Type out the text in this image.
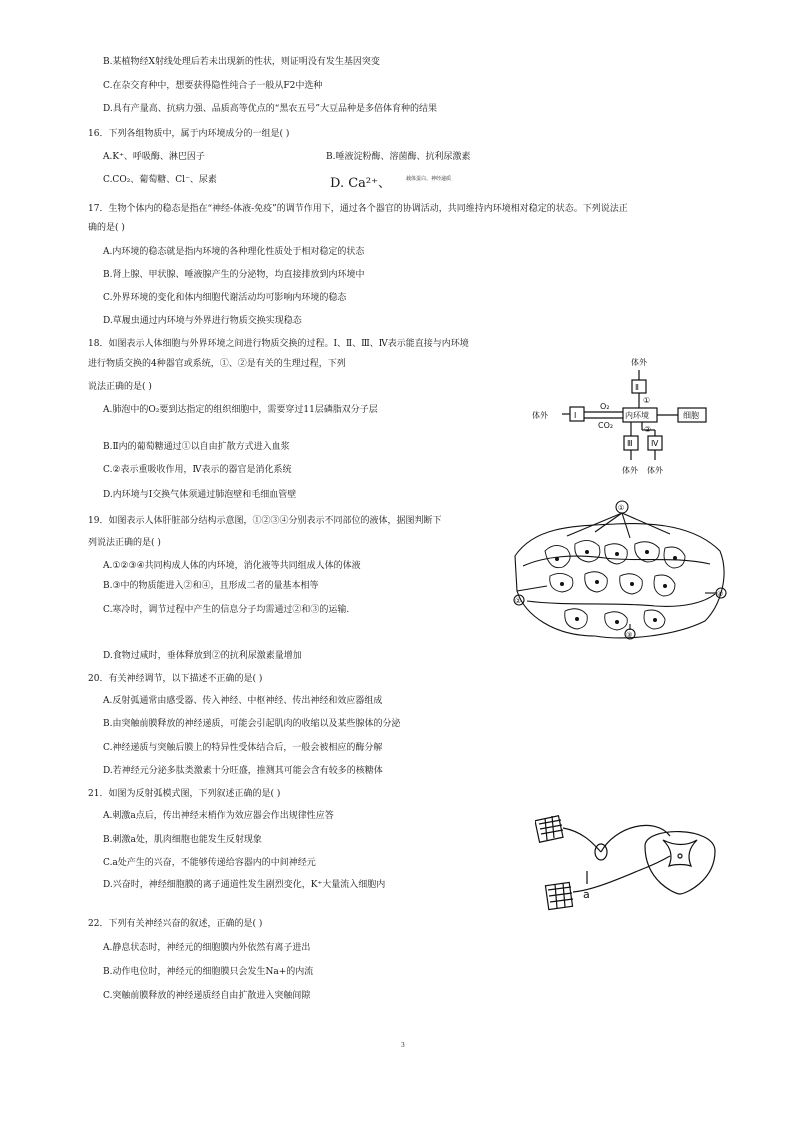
B.某植物经X射线处理后若未出现新的性状，则证明没有发生基因突变
C.在杂交育种中，想要获得隐性纯合子一般从F2中选种
D.具有产量高、抗病力强、品质高等优点的“黑农五号”大豆品种是多倍体育种的结果
16．下列各组物质中，属于内环境成分的一组是( )
A.K⁺、呼吸酶、淋巴因子	B.唾液淀粉酶、溶菌酶、抗利尿激素
C.CO₂、葡萄糖、Cl⁻、尿素	D. Ca²⁺、	载体蛋白、神经递质
17．生物个体内的稳态是指在“神经-体液-免疫”的调节作用下，通过各个器官的协调活动，共同维持内环境相对稳定的状态。下列说法正
确的是( )
A.内环境的稳态就是指内环境的各种理化性质处于相对稳定的状态
B.肾上腺、甲状腺、唾液腺产生的分泌物，均直接排放到内环境中
C.外界环境的变化和体内细胞代谢活动均可影响内环境的稳态
D.草履虫通过内环境与外界进行物质交换实现稳态
18．如图表示人体细胞与外界环境之间进行物质交换的过程。Ⅰ、Ⅱ、Ⅲ、Ⅳ表示能直接与内环境
进行物质交换的4种器官或系统，①、②是有关的生理过程，下列
说法正确的是( )
A.肺泡中的O₂要到达指定的组织细胞中，需要穿过11层磷脂双分子层
B.Ⅱ内的葡萄糖通过①以自由扩散方式进入血浆
C.②表示重吸收作用，Ⅳ表示的器官是消化系统
D.内环境与Ⅰ交换气体须通过肺泡壁和毛细血管壁
19．如图表示人体肝脏部分结构示意图，①②③④分别表示不同部位的液体，据图判断下
列说法正确的是( )
A.①②③④共同构成人体的内环境，消化液等共同组成人体的体液
B.③中的物质能进入②和④，且形成二者的量基本相等
C.寒冷时，调节过程中产生的信息分子均需通过②和③的运输.
D.食物过咸时，垂体释放到②的抗利尿激素量增加
20．有关神经调节，以下描述不正确的是( )
A.反射弧通常由感受器、传入神经、中枢神经、传出神经和效应器组成
B.由突触前膜释放的神经递质，可能会引起肌肉的收缩以及某些腺体的分泌
C.神经递质与突触后膜上的特异性受体结合后，一般会被相应的酶分解
D.若神经元分泌多肽类激素十分旺盛，推测其可能会含有较多的核糖体
21．如图为反射弧模式图，下列叙述正确的是( )
A.刺激a点后，传出神经末梢作为效应器会作出规律性应答
B.刺激a处，肌肉细胞也能发生反射现象
C.a处产生的兴奋，不能够传递给容器内的中间神经元
D.兴奋时，神经细胞膜的离子通道性发生剧烈变化，K⁺大量流入细胞内
22．下列有关神经兴奋的叙述，正确的是( )
A.静息状态时，神经元的细胞膜内外依然有离子进出
B.动作电位时，神经元的细胞膜只会发生Na+的内流
C.突触前膜释放的神经递质经自由扩散进入突触间隙
3
体外
Ⅱ
①
体外	Ⅰ
O₂
CO₂
内环境	细胞
②
Ⅲ Ⅳ
体外 体外
①
②
④
③
a
